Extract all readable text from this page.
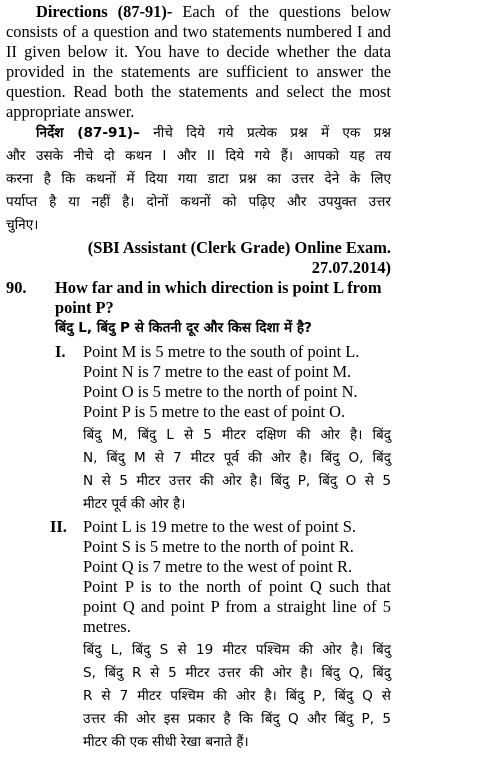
Directions (87-91)- Each of the questions below
consists of a question and two statements numbered I and
II given below it. You have to decide whether the data
provided in the statements are sufficient to answer the
question. Read both the statements and select the most
appropriate answer.
निर्देश (87-91)– नीचे दिये गये प्रत्येक प्रश्न में एक प्रश्न
और उसके नीचे दो कथन I और II दिये गये हैं। आपको यह तय
करना है कि कथनों में दिया गया डाटा प्रश्न का उत्तर देने के लिए
पर्याप्त है या नहीं है। दोनों कथनों को पढ़िए और उपयुक्त उत्तर
चुनिए।
(SBI Assistant (Clerk Grade) Online Exam.
27.07.2014)
90. How far and in which direction is point L from
point P?
बिंदु L, बिंदु P से कितनी दूर और किस दिशा में है?
I. Point M is 5 metre to the south of point L.
Point N is 7 metre to the east of point M.
Point O is 5 metre to the north of point N.
Point P is 5 metre to the east of point O.
बिंदु M, बिंदु L से 5 मीटर दक्षिण की ओर है। बिंदु
N, बिंदु M से 7 मीटर पूर्व की ओर है। बिंदु O, बिंदु
N से 5 मीटर उत्तर की ओर है। बिंदु P, बिंदु O से 5
मीटर पूर्व की ओर है।
II. Point L is 19 metre to the west of point S.
Point S is 5 metre to the north of point R.
Point Q is 7 metre to the west of point R.
Point P is to the north of point Q such that
point Q and point P from a straight line of 5
metres.
बिंदु L, बिंदु S से 19 मीटर पश्चिम की ओर है। बिंदु
S, बिंदु R से 5 मीटर उत्तर की ओर है। बिंदु Q, बिंदु
R से 7 मीटर पश्चिम की ओर है। बिंदु P, बिंदु Q से
उत्तर की ओर इस प्रकार है कि बिंदु Q और बिंदु P, 5
मीटर की एक सीधी रेखा बनाते हैं।
